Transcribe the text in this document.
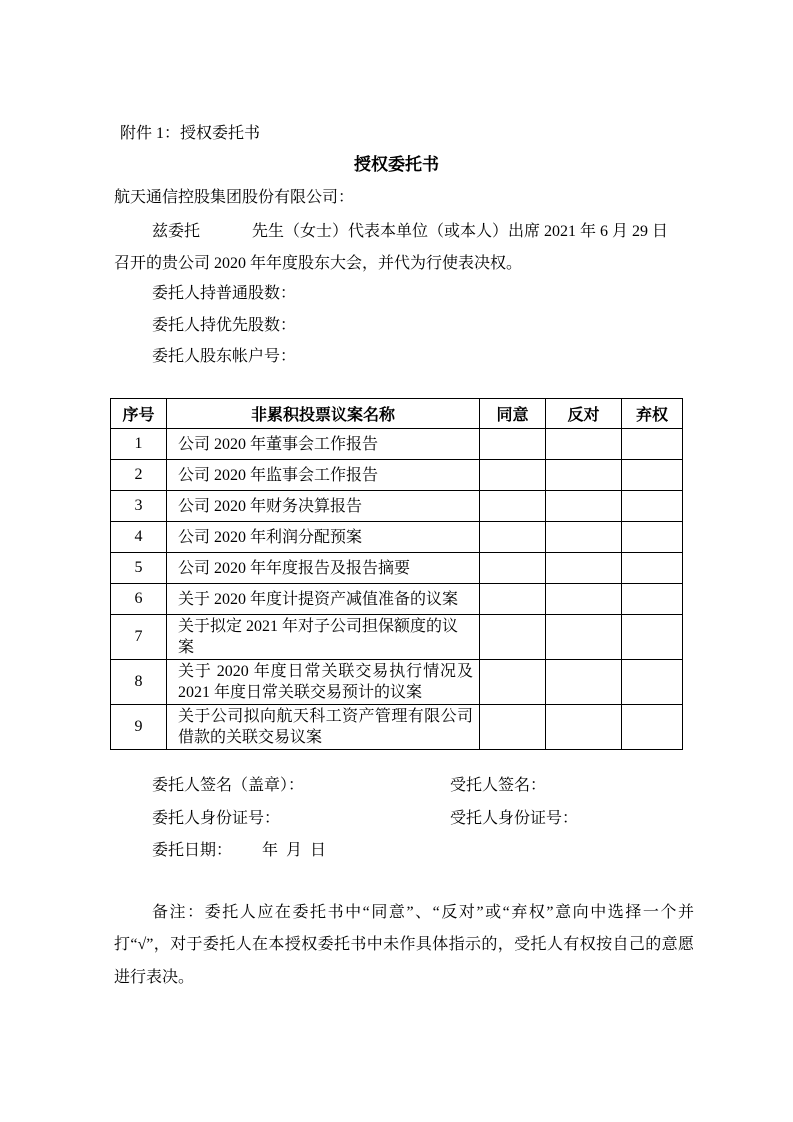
附件 1：授权委托书
授权委托书
航天通信控股集团股份有限公司：
兹委托	先生（女士）代表本单位（或本人）出席 2021 年 6 月 29 日
召开的贵公司 2020 年年度股东大会，并代为行使表决权。
委托人持普通股数：
委托人持优先股数：
委托人股东帐户号：
序号	非累积投票议案名称	同意	反对	弃权
1	公司 2020 年董事会工作报告			
2	公司 2020 年监事会工作报告			
3	公司 2020 年财务决算报告			
4	公司 2020 年利润分配预案			
5	公司 2020 年年度报告及报告摘要			
6	关于 2020 年度计提资产减值准备的议案			
7	关于拟定 2021 年对子公司担保额度的议案			
8	关于 2020 年度日常关联交易执行情况及 2021 年度日常关联交易预计的议案			
9	关于公司拟向航天科工资产管理有限公司借款的关联交易议案			
委托人签名（盖章）：	受托人签名：
委托人身份证号：	受托人身份证号：
委托日期： 年  月  日

备注：委托人应在委托书中“同意”、“反对”或“弃权”意向中选择一个并打“√”，对于委托人在本授权委托书中未作具体指示的，受托人有权按自己的意愿进行表决。
